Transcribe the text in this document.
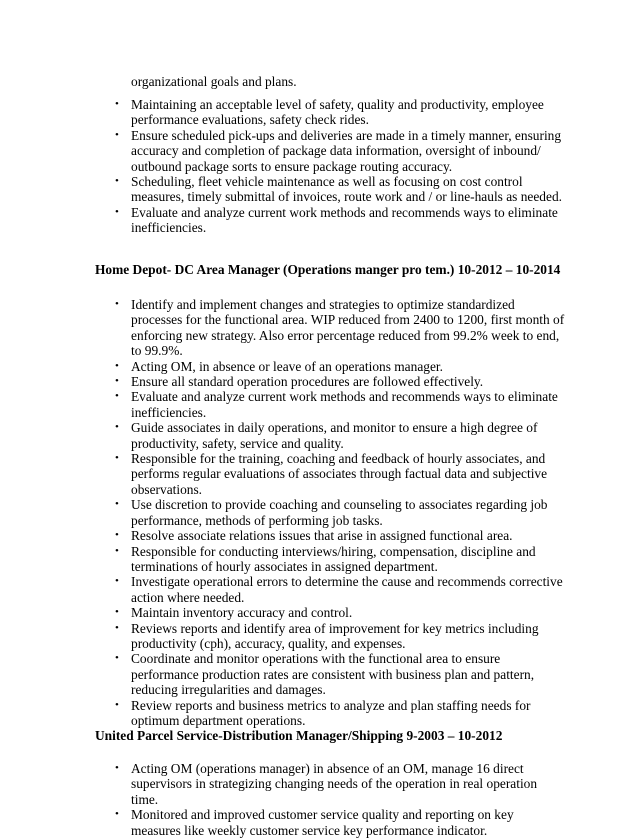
organizational goals and plans.
• Maintaining an acceptable level of safety, quality and productivity, employee performance evaluations, safety check rides.
• Ensure scheduled pick-ups and deliveries are made in a timely manner, ensuring accuracy and completion of package data information, oversight of inbound/ outbound package sorts to ensure package routing accuracy.
• Scheduling, fleet vehicle maintenance as well as focusing on cost control measures, timely submittal of invoices, route work and / or line-hauls as needed.
• Evaluate and analyze current work methods and recommends ways to eliminate inefficiencies.
Home Depot- DC Area Manager (Operations manger pro tem.) 10-2012 – 10-2014
• Identify and implement changes and strategies to optimize standardized processes for the functional area. WIP reduced from 2400 to 1200, first month of enforcing new strategy. Also error percentage reduced from 99.2% week to end, to 99.9%.
• Acting OM, in absence or leave of an operations manager.
• Ensure all standard operation procedures are followed effectively.
• Evaluate and analyze current work methods and recommends ways to eliminate inefficiencies.
• Guide associates in daily operations, and monitor to ensure a high degree of productivity, safety, service and quality.
• Responsible for the training, coaching and feedback of hourly associates, and performs regular evaluations of associates through factual data and subjective observations.
• Use discretion to provide coaching and counseling to associates regarding job performance, methods of performing job tasks.
• Resolve associate relations issues that arise in assigned functional area.
• Responsible for conducting interviews/hiring, compensation, discipline and terminations of hourly associates in assigned department.
• Investigate operational errors to determine the cause and recommends corrective action where needed.
• Maintain inventory accuracy and control.
• Reviews reports and identify area of improvement for key metrics including productivity (cph), accuracy, quality, and expenses.
• Coordinate and monitor operations with the functional area to ensure performance production rates are consistent with business plan and pattern, reducing irregularities and damages.
• Review reports and business metrics to analyze and plan staffing needs for optimum department operations.
United Parcel Service-Distribution Manager/Shipping 9-2003 – 10-2012
• Acting OM (operations manager) in absence of an OM, manage 16 direct supervisors in strategizing changing needs of the operation in real operation time.
• Monitored and improved customer service quality and reporting on key measures like weekly customer service key performance indicator.
